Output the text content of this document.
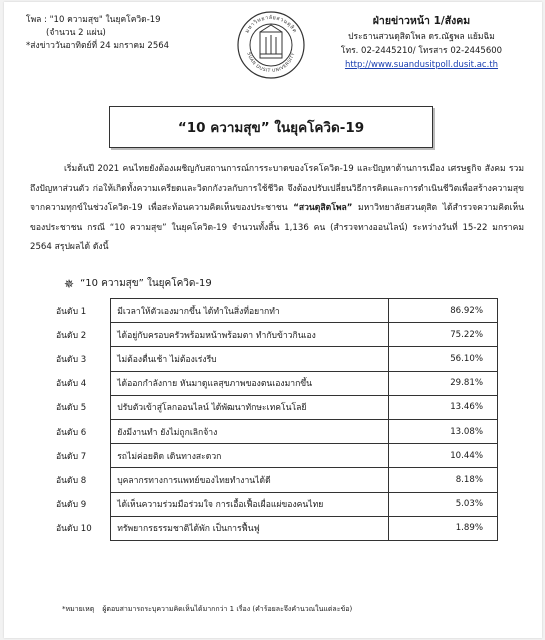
โพล : "10 ความสุข" ในยุคโควิด-19
(จำนวน 2 แผ่น)
*ส่งข่าววันอาทิตย์ที่ 24 มกราคม 2564
มหาวิทยาลัยสวนดุสิต
SUAN DUSIT UNIVERSITY
ฝ่ายข่าวหน้า 1/สังคม
ประธานสวนดุสิตโพล ดร.ณัฐพล แย้มฉิม
โทร. 02-2445210/ โทรสาร 02-2445600
http://www.suandusitpoll.dusit.ac.th
“10 ความสุข” ในยุคโควิด-19

เริ่มต้นปี 2021 คนไทยยังต้องเผชิญกับสถานการณ์การระบาดของโรคโควิด-19 และปัญหาด้านการเมือง เศรษฐกิจ สังคม รวมถึงปัญหาส่วนตัว ก่อให้เกิดทั้งความเครียดและวิตกกังวลกับการใช้ชีวิต จึงต้องปรับเปลี่ยนวิธีการคิดและการดำเนินชีวิตเพื่อสร้างความสุขจากความทุกข์ในช่วงโควิด-19 เพื่อสะท้อนความคิดเห็นของประชาชน “สวนดุสิตโพล” มหาวิทยาลัยสวนดุสิต ได้สำรวจความคิดเห็นของประชาชน กรณี “10 ความสุข” ในยุคโควิด-19 จำนวนทั้งสิ้น 1,136 คน (สำรวจทางออนไลน์) ระหว่างวันที่ 15-22 มกราคม 2564 สรุปผลได้ ดังนี้

✵ “10 ความสุข” ในยุคโควิด-19
อันดับ 1	มีเวลาให้ตัวเองมากขึ้น ได้ทำในสิ่งที่อยากทำ	86.92%
อันดับ 2	ได้อยู่กับครอบครัวพร้อมหน้าพร้อมตา ทำกับข้าวกินเอง	75.22%
อันดับ 3	ไม่ต้องตื่นเช้า ไม่ต้องเร่งรีบ	56.10%
อันดับ 4	ได้ออกกำลังกาย หันมาดูแลสุขภาพของตนเองมากขึ้น	29.81%
อันดับ 5	ปรับตัวเข้าสู่โลกออนไลน์ ได้พัฒนาทักษะเทคโนโลยี	13.46%
อันดับ 6	ยังมีงานทำ ยังไม่ถูกเลิกจ้าง	13.08%
อันดับ 7	รถไม่ค่อยติด เดินทางสะดวก	10.44%
อันดับ 8	บุคลากรทางการแพทย์ของไทยทำงานได้ดี	8.18%
อันดับ 9	ได้เห็นความร่วมมือร่วมใจ การเอื้อเฟื้อเผื่อแผ่ของคนไทย	5.03%
อันดับ 10	ทรัพยากรธรรมชาติได้พัก เป็นการฟื้นฟู	1.89%
*หมายเหตุ ผู้ตอบสามารถระบุความคิดเห็นได้มากกว่า 1 เรื่อง (คำร้อยละจึงคำนวณในแต่ละข้อ)
